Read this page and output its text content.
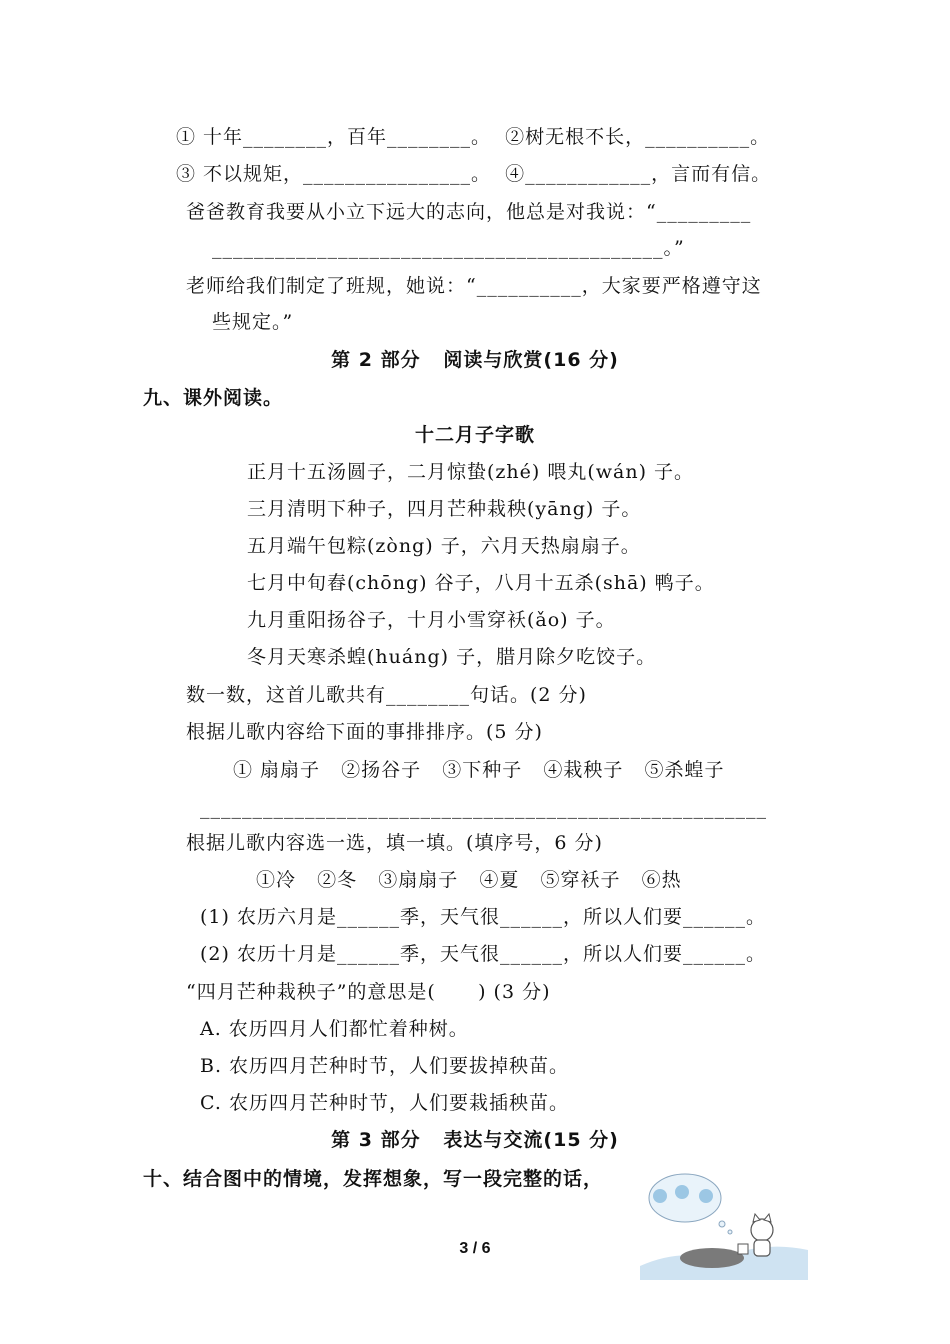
① 十年________，百年________。  ②树无根不长，__________。
③ 不以规矩，________________。  ④____________，言而有信。
爸爸教育我要从小立下远大的志向，他总是对我说：“_________
___________________________________________。”
老师给我们制定了班规，她说：“__________，大家要严格遵守这
些规定。”
第 2 部分   阅读与欣赏(16 分)
九、课外阅读。
十二月子字歌
正月十五汤圆子，二月惊蛰(zhé) 喂丸(wán) 子。
三月清明下种子，四月芒种栽秧(yāng) 子。
五月端午包粽(zòng) 子，六月天热扇扇子。
七月中旬舂(chōng) 谷子，八月十五杀(shā) 鸭子。
九月重阳扬谷子，十月小雪穿袄(ǎo) 子。
冬月天寒杀蝗(huáng) 子，腊月除夕吃饺子。
数一数，这首儿歌共有________句话。(2 分)
根据儿歌内容给下面的事排排序。(5 分)
① 扇扇子   ②扬谷子   ③下种子   ④栽秧子   ⑤杀蝗子
______________________________________________________
根据儿歌内容选一选，填一填。(填序号，6 分)
①冷   ②冬   ③扇扇子   ④夏   ⑤穿袄子   ⑥热
(1) 农历六月是______季，天气很______，所以人们要______。
(2) 农历十月是______季，天气很______，所以人们要______。
“四月芒种栽秧子”的意思是(      ) (3 分)
A. 农历四月人们都忙着种树。
B. 农历四月芒种时节，人们要拔掉秧苗。
C. 农历四月芒种时节，人们要栽插秧苗。
第 3 部分   表达与交流(15 分)
十、结合图中的情境，发挥想象，写一段完整的话，
3 / 6
